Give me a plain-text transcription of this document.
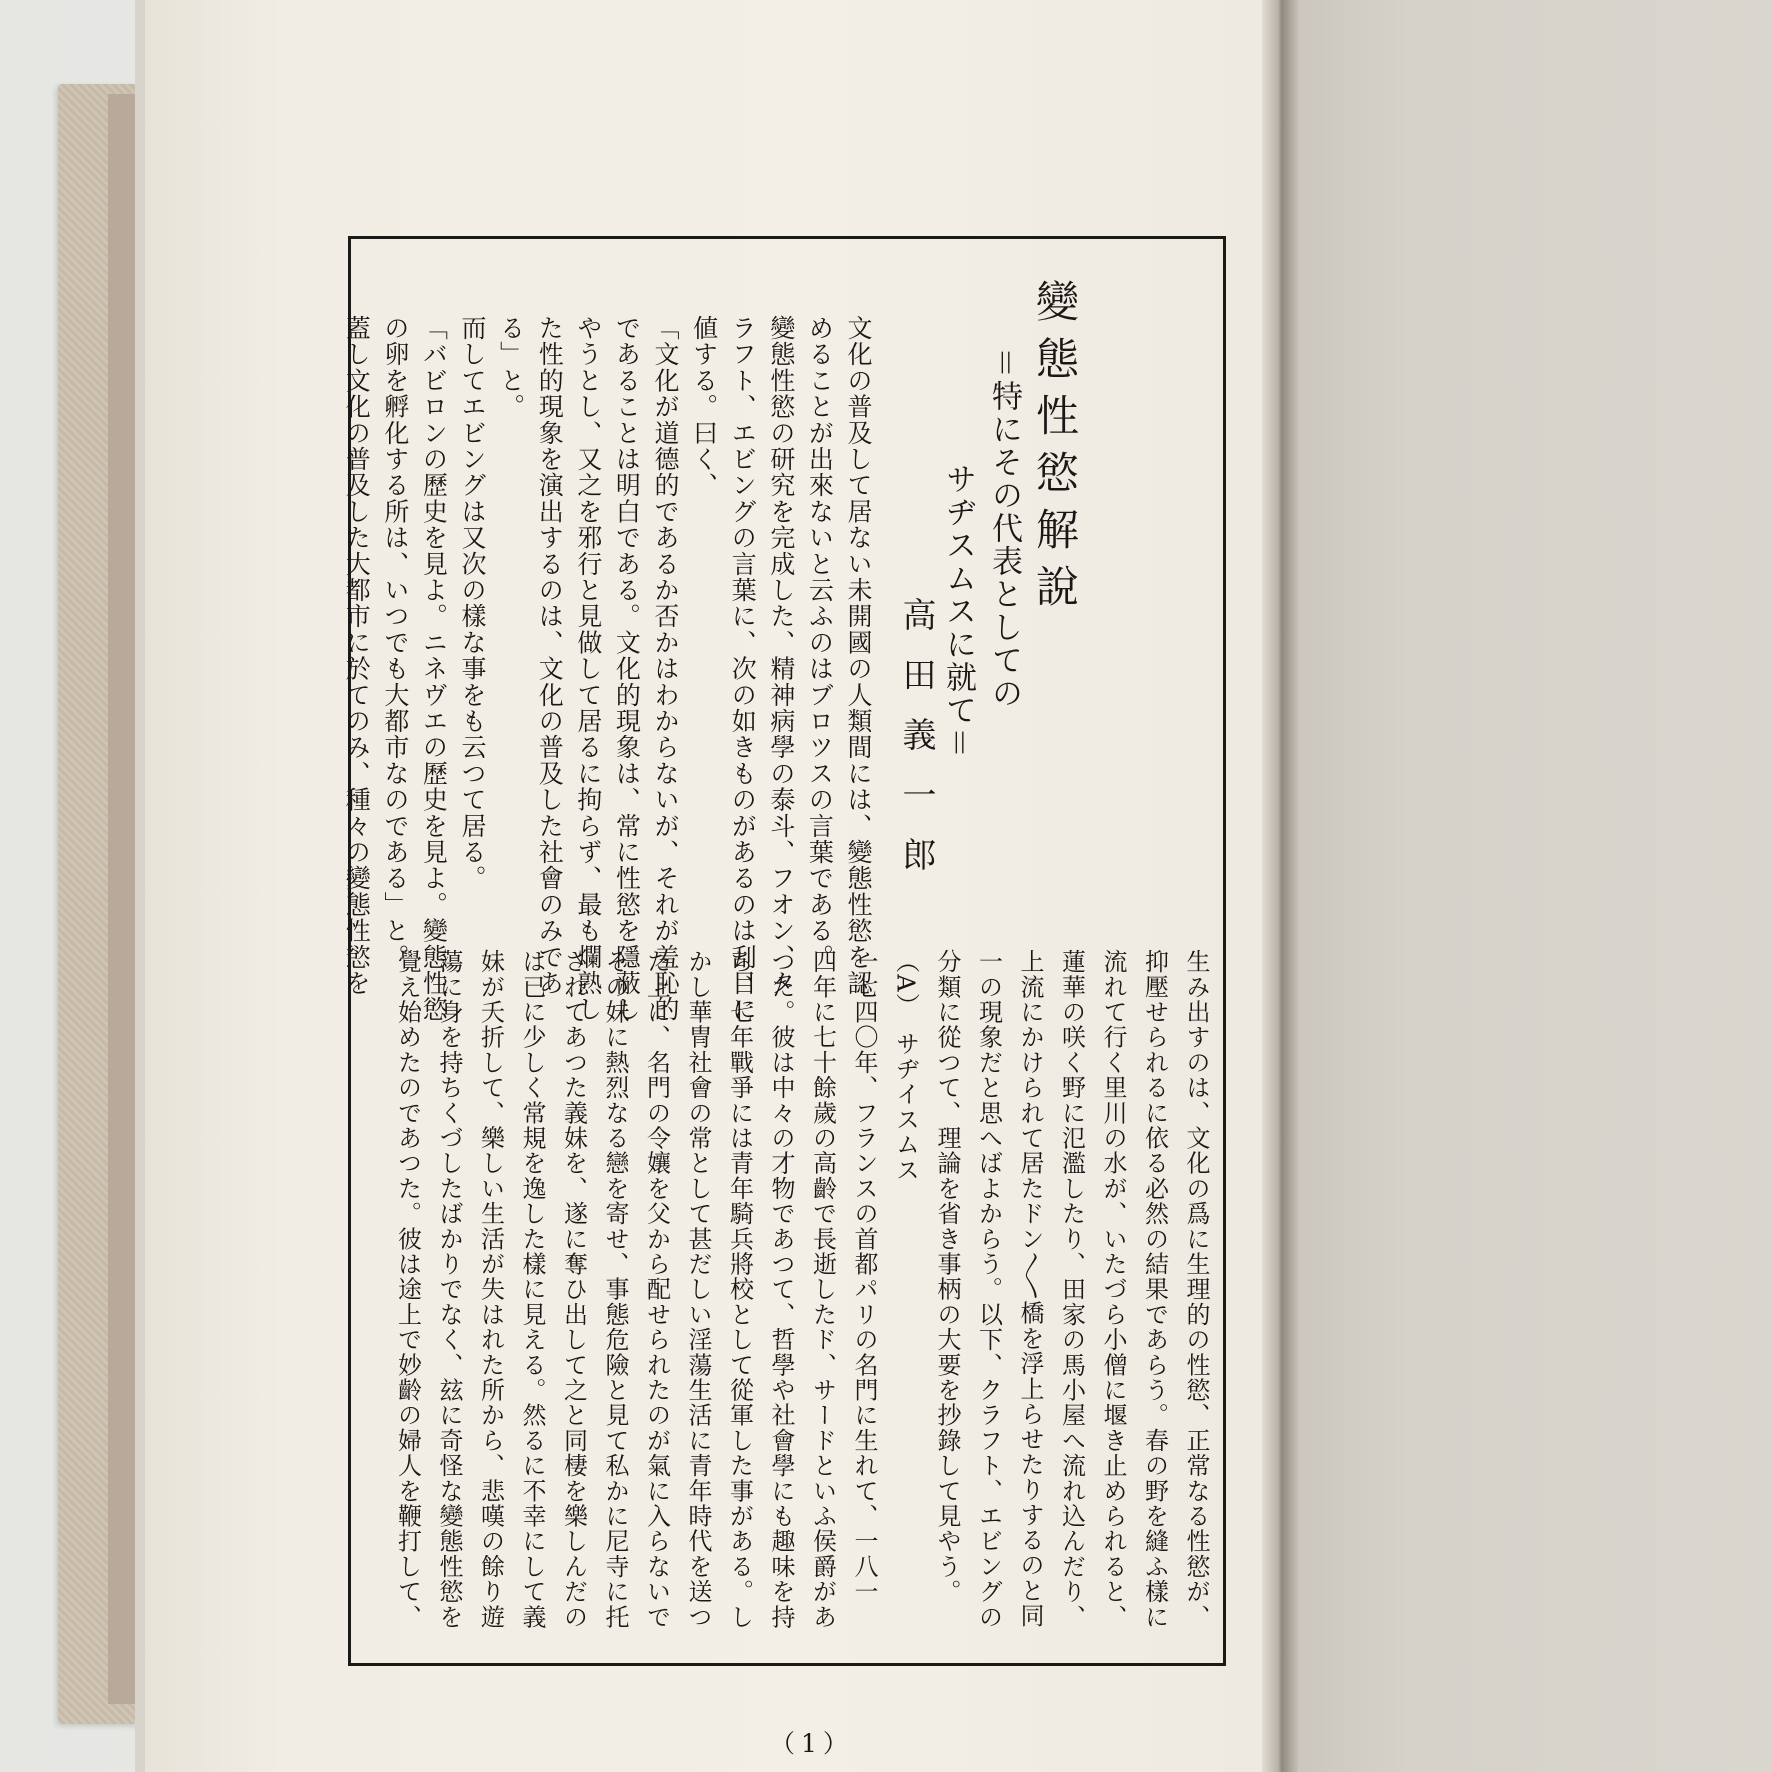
變態性慾解說

＝特にその代表としての

サヂスムスに就て＝

高田義一郎

文化の普及して居ない未開國の人類間には、變態性慾を認

めることが出來ないと云ふのはブロツスの言葉である。

變態性慾の研究を完成した、精神病學の泰斗、フオン、タ

ラフト、エビングの言葉に、次の如きものがあるのは刮目に

値する。曰く、

「文化が道德的であるか否かはわからないが、それが羞恥的

であることは明白である。文化的現象は、常に性慾を隱蔽し

やうとし、又之を邪行と見做して居るに拘らず、最も爛熟し

た性的現象を演出するのは、文化の普及した社會のみであ

る」と。

而してエビングは又次の樣な事をも云つて居る。

「バビロンの歷史を見よ。ニネヴエの歷史を見よ。變態性慾

の卵を孵化する所は、いつでも大都市なのである」と。

蓋し文化の普及した大都市に於てのみ、種々の變態性慾を

生み出すのは、文化の爲に生理的の性慾、正常なる性慾が、

抑壓せられるに依る必然の結果であらう。春の野を縫ふ樣に

流れて行く里川の水が、いたづら小僧に堰き止められると、

蓮華の咲く野に氾濫したり、田家の馬小屋へ流れ込んだり、

上流にかけられて居たドン〳〵橋を浮上らせたりするのと同

一の現象だと思へばよからう。以下、クラフト、エビングの

分類に從つて、理論を省き事柄の大要を抄錄して見やう。

（A）　サヂイスムス

一七四〇年、フランスの首都パリの名門に生れて、一八一

四年に七十餘歲の高齡で長逝したド、サードといふ侯爵があ

つた。彼は中々の才物であつて、哲學や社會學にも趣味を持

ち、七年戰爭には青年騎兵將校として從軍した事がある。し

かし華冑社會の常として甚だしい淫蕩生活に青年時代を送つ

た上に、名門の令孃を父から配せられたのが氣に入らないで

その妹に熱烈なる戀を寄せ、事態危險と見て私かに尼寺に托

されてあつた義妹を、遂に奪ひ出して之と同棲を樂しんだの

は已に少しく常規を逸した樣に見える。然るに不幸にして義

妹が夭折して、樂しい生活が失はれた所から、悲嘆の餘り遊

蕩に身を持ちくづしたばかりでなく、玆に奇怪な變態性慾を

覺え始めたのであつた。彼は途上で妙齡の婦人を鞭打して、

（1）
